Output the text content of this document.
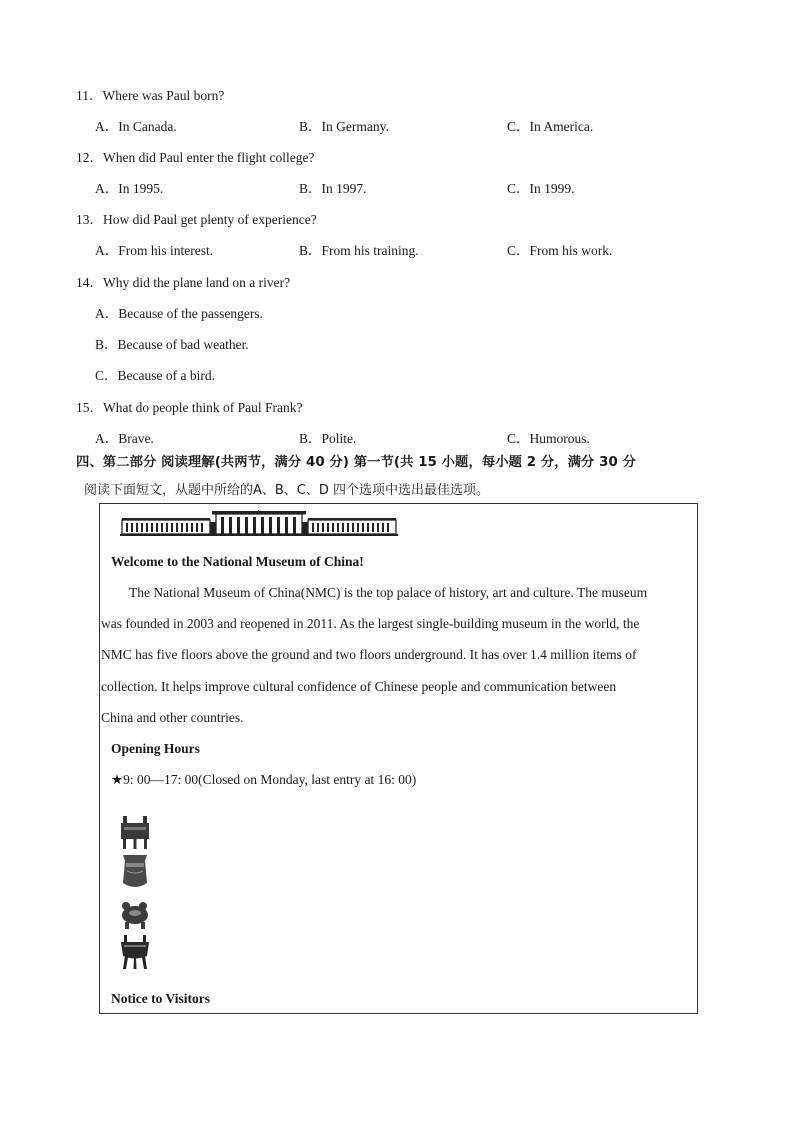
11．Where was Paul born?
A．In Canada.	B．In Germany.	C．In America.
12．When did Paul enter the flight college?
A．In 1995.	B．In 1997.	C．In 1999.
13．How did Paul get plenty of experience?
A．From his interest.	B．From his training.	C．From his work.
14．Why did the plane land on a river?
A．Because of the passengers.
B．Because of bad weather.
C．Because of a bird.
15．What do people think of Paul Frank?
A．Brave.	B．Polite.	C．Humorous.
四、第二部分 阅读理解(共两节，满分 40 分) 第一节(共 15 小题，每小题 2 分，满分 30 分
阅读下面短文，从题中所给的A、B、C、D 四个选项中选出最佳选项。
Welcome to the National Museum of China!
The National Museum of China(NMC) is the top palace of history, art and culture. The museum
was founded in 2003 and reopened in 2011. As the largest single-building museum in the world, the
NMC has five floors above the ground and two floors underground. It has over 1.4 million items of
collection. It helps improve cultural confidence of Chinese people and communication between
China and other countries.
Opening Hours
★9: 00—17: 00(Closed on Monday, last entry at 16: 00)
Notice to Visitors
